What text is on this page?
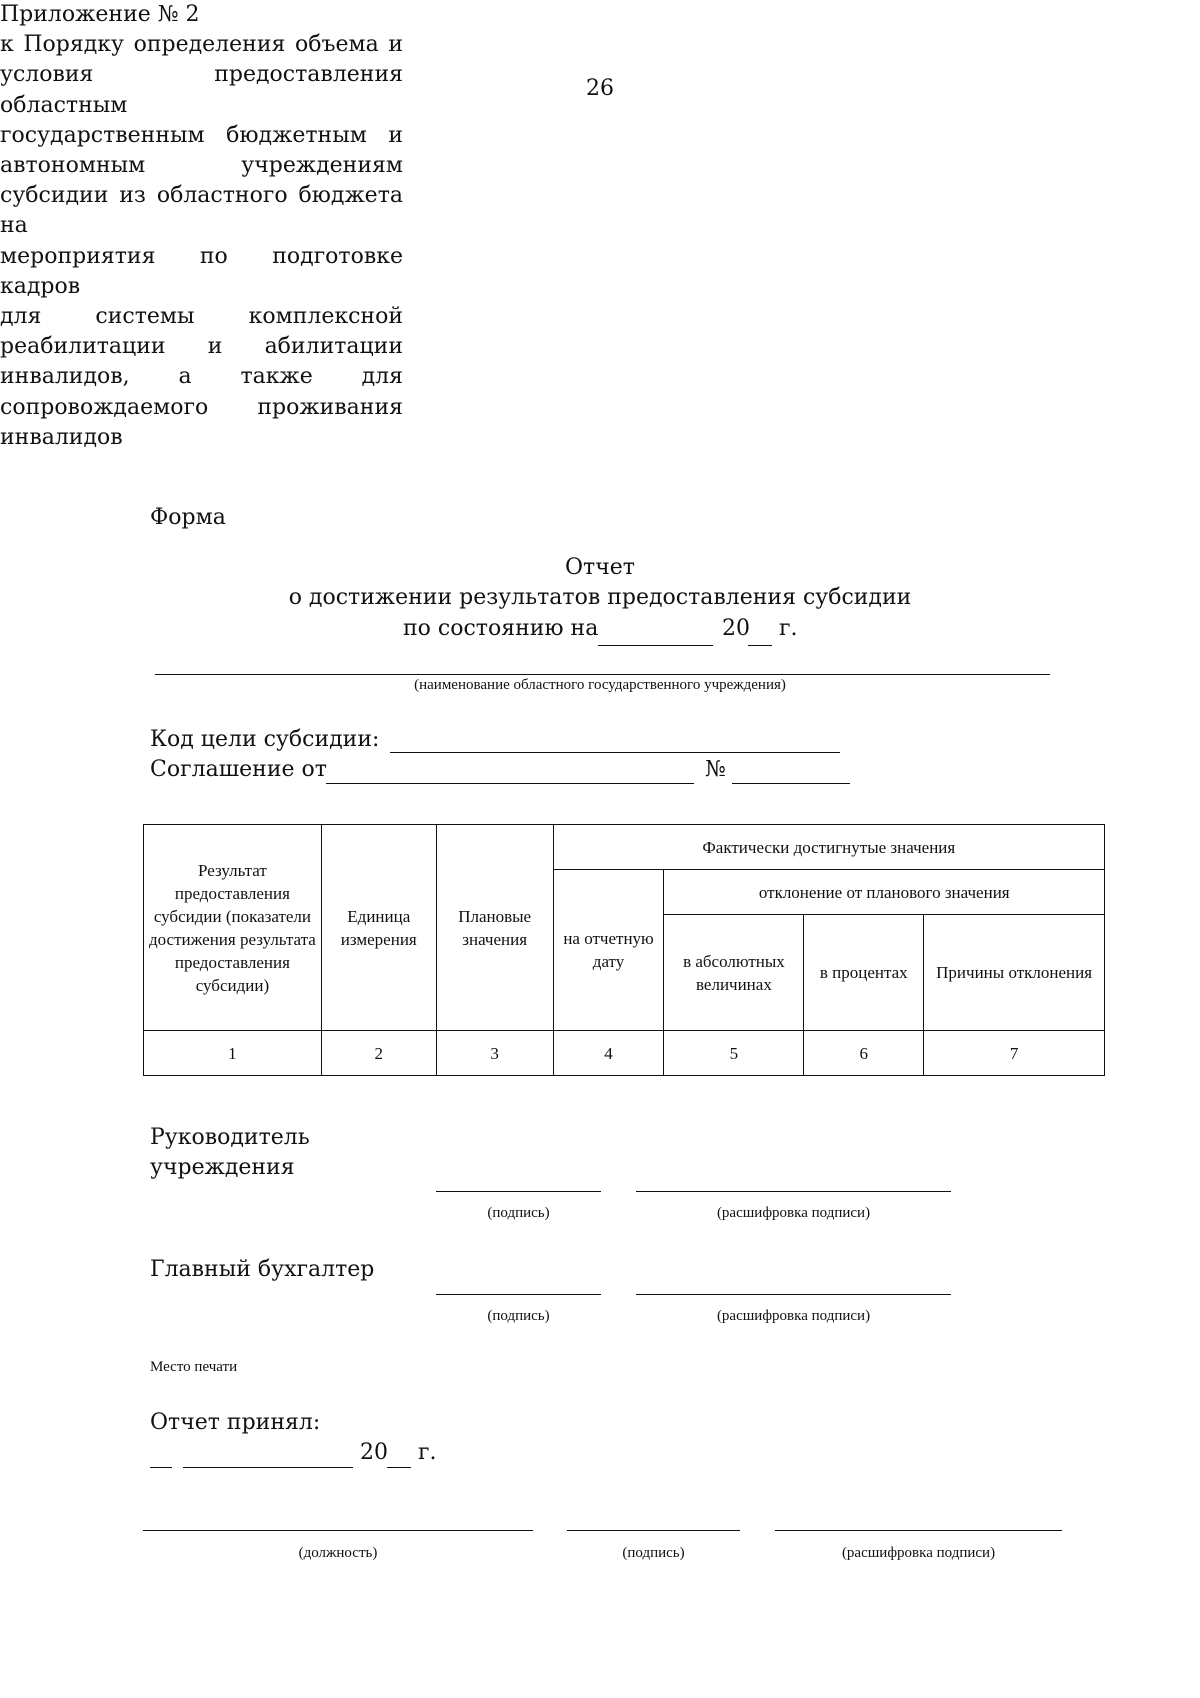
26
Приложение № 2
к Порядку определения объема и
условия предоставления областным
государственным бюджетным и
автономным учреждениям
субсидии из областного бюджета на
мероприятия по подготовке кадров
для системы комплексной
реабилитации и абилитации
инвалидов, а также для
сопровождаемого проживания
инвалидов
Форма
Отчет
о достижении результатов предоставления субсидии
по состоянию на	20 г.
(наименование областного государственного учреждения)
Код цели субсидии:
Соглашение от	№
Результат предоставления субсидии (показатели достижения результата предоставления субсидии)	Единица измерения	Плановые значения	Фактически достигнутые значения			
			на отчетную дату	отклонение от планового значения		
				в абсолютных величинах	в процентах	Причины отклонения
1	2	3	4	5	6	7
Руководитель
учреждения
(подпись)	(расшифровка подписи)
Главный бухгалтер
(подпись)	(расшифровка подписи)
Место печати
Отчет принял:
20 г.
(должность)	(подпись)	(расшифровка подписи)
